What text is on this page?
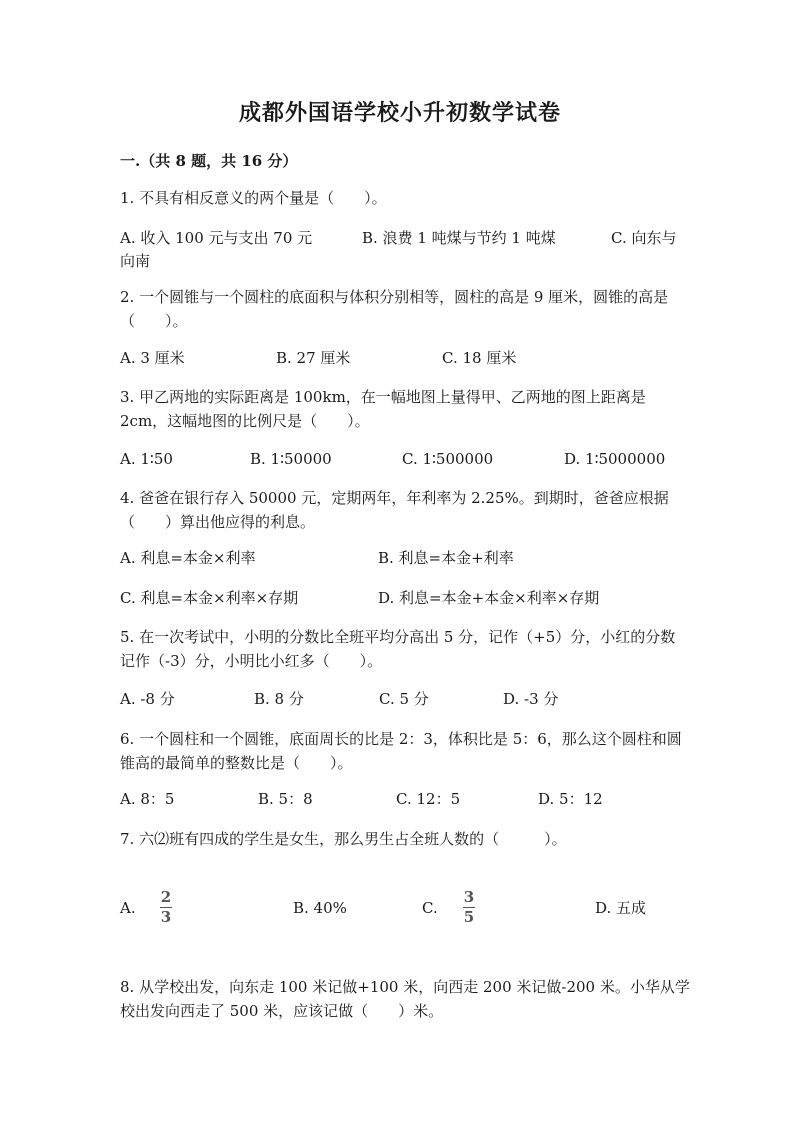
成都外国语学校小升初数学试卷
一.（共 8 题，共 16 分）
1. 不具有相反意义的两个量是（　　）。
A. 收入 100 元与支出 70 元	B. 浪费 1 吨煤与节约 1 吨煤	C. 向东与
向南
2. 一个圆锥与一个圆柱的底面积与体积分别相等，圆柱的高是 9 厘米，圆锥的高是（　　）。
A. 3 厘米	B. 27 厘米	C. 18 厘米
3. 甲乙两地的实际距离是 100km，在一幅地图上量得甲、乙两地的图上距离是 2cm，这幅地图的比例尺是（　　）。
A. 1∶50	B. 1∶50000	C. 1∶500000	D. 1∶5000000
4. 爸爸在银行存入 50000 元，定期两年，年利率为 2.25%。到期时，爸爸应根据（　　）算出他应得的利息。
A. 利息=本金×利率	B. 利息=本金+利率
C. 利息=本金×利率×存期	D. 利息=本金+本金×利率×存期
5. 在一次考试中，小明的分数比全班平均分高出 5 分，记作（+5）分，小红的分数记作（-3）分，小明比小红多（　　）。
A. -8 分	B. 8 分	C. 5 分	D. -3 分
6. 一个圆柱和一个圆锥，底面周长的比是 2：3，体积比是 5：6，那么这个圆柱和圆锥高的最简单的整数比是（　　）。
A. 8：5	B. 5：8	C. 12：5	D. 5：12
7. 六⑵班有四成的学生是女生，那么男生占全班人数的（　　　）。
A.
2
3	B. 40%	C.
3
5	D. 五成
8. 从学校出发，向东走 100 米记做+100 米，向西走 200 米记做-200 米。小华从学校出发向西走了 500 米，应该记做（　　）米。
